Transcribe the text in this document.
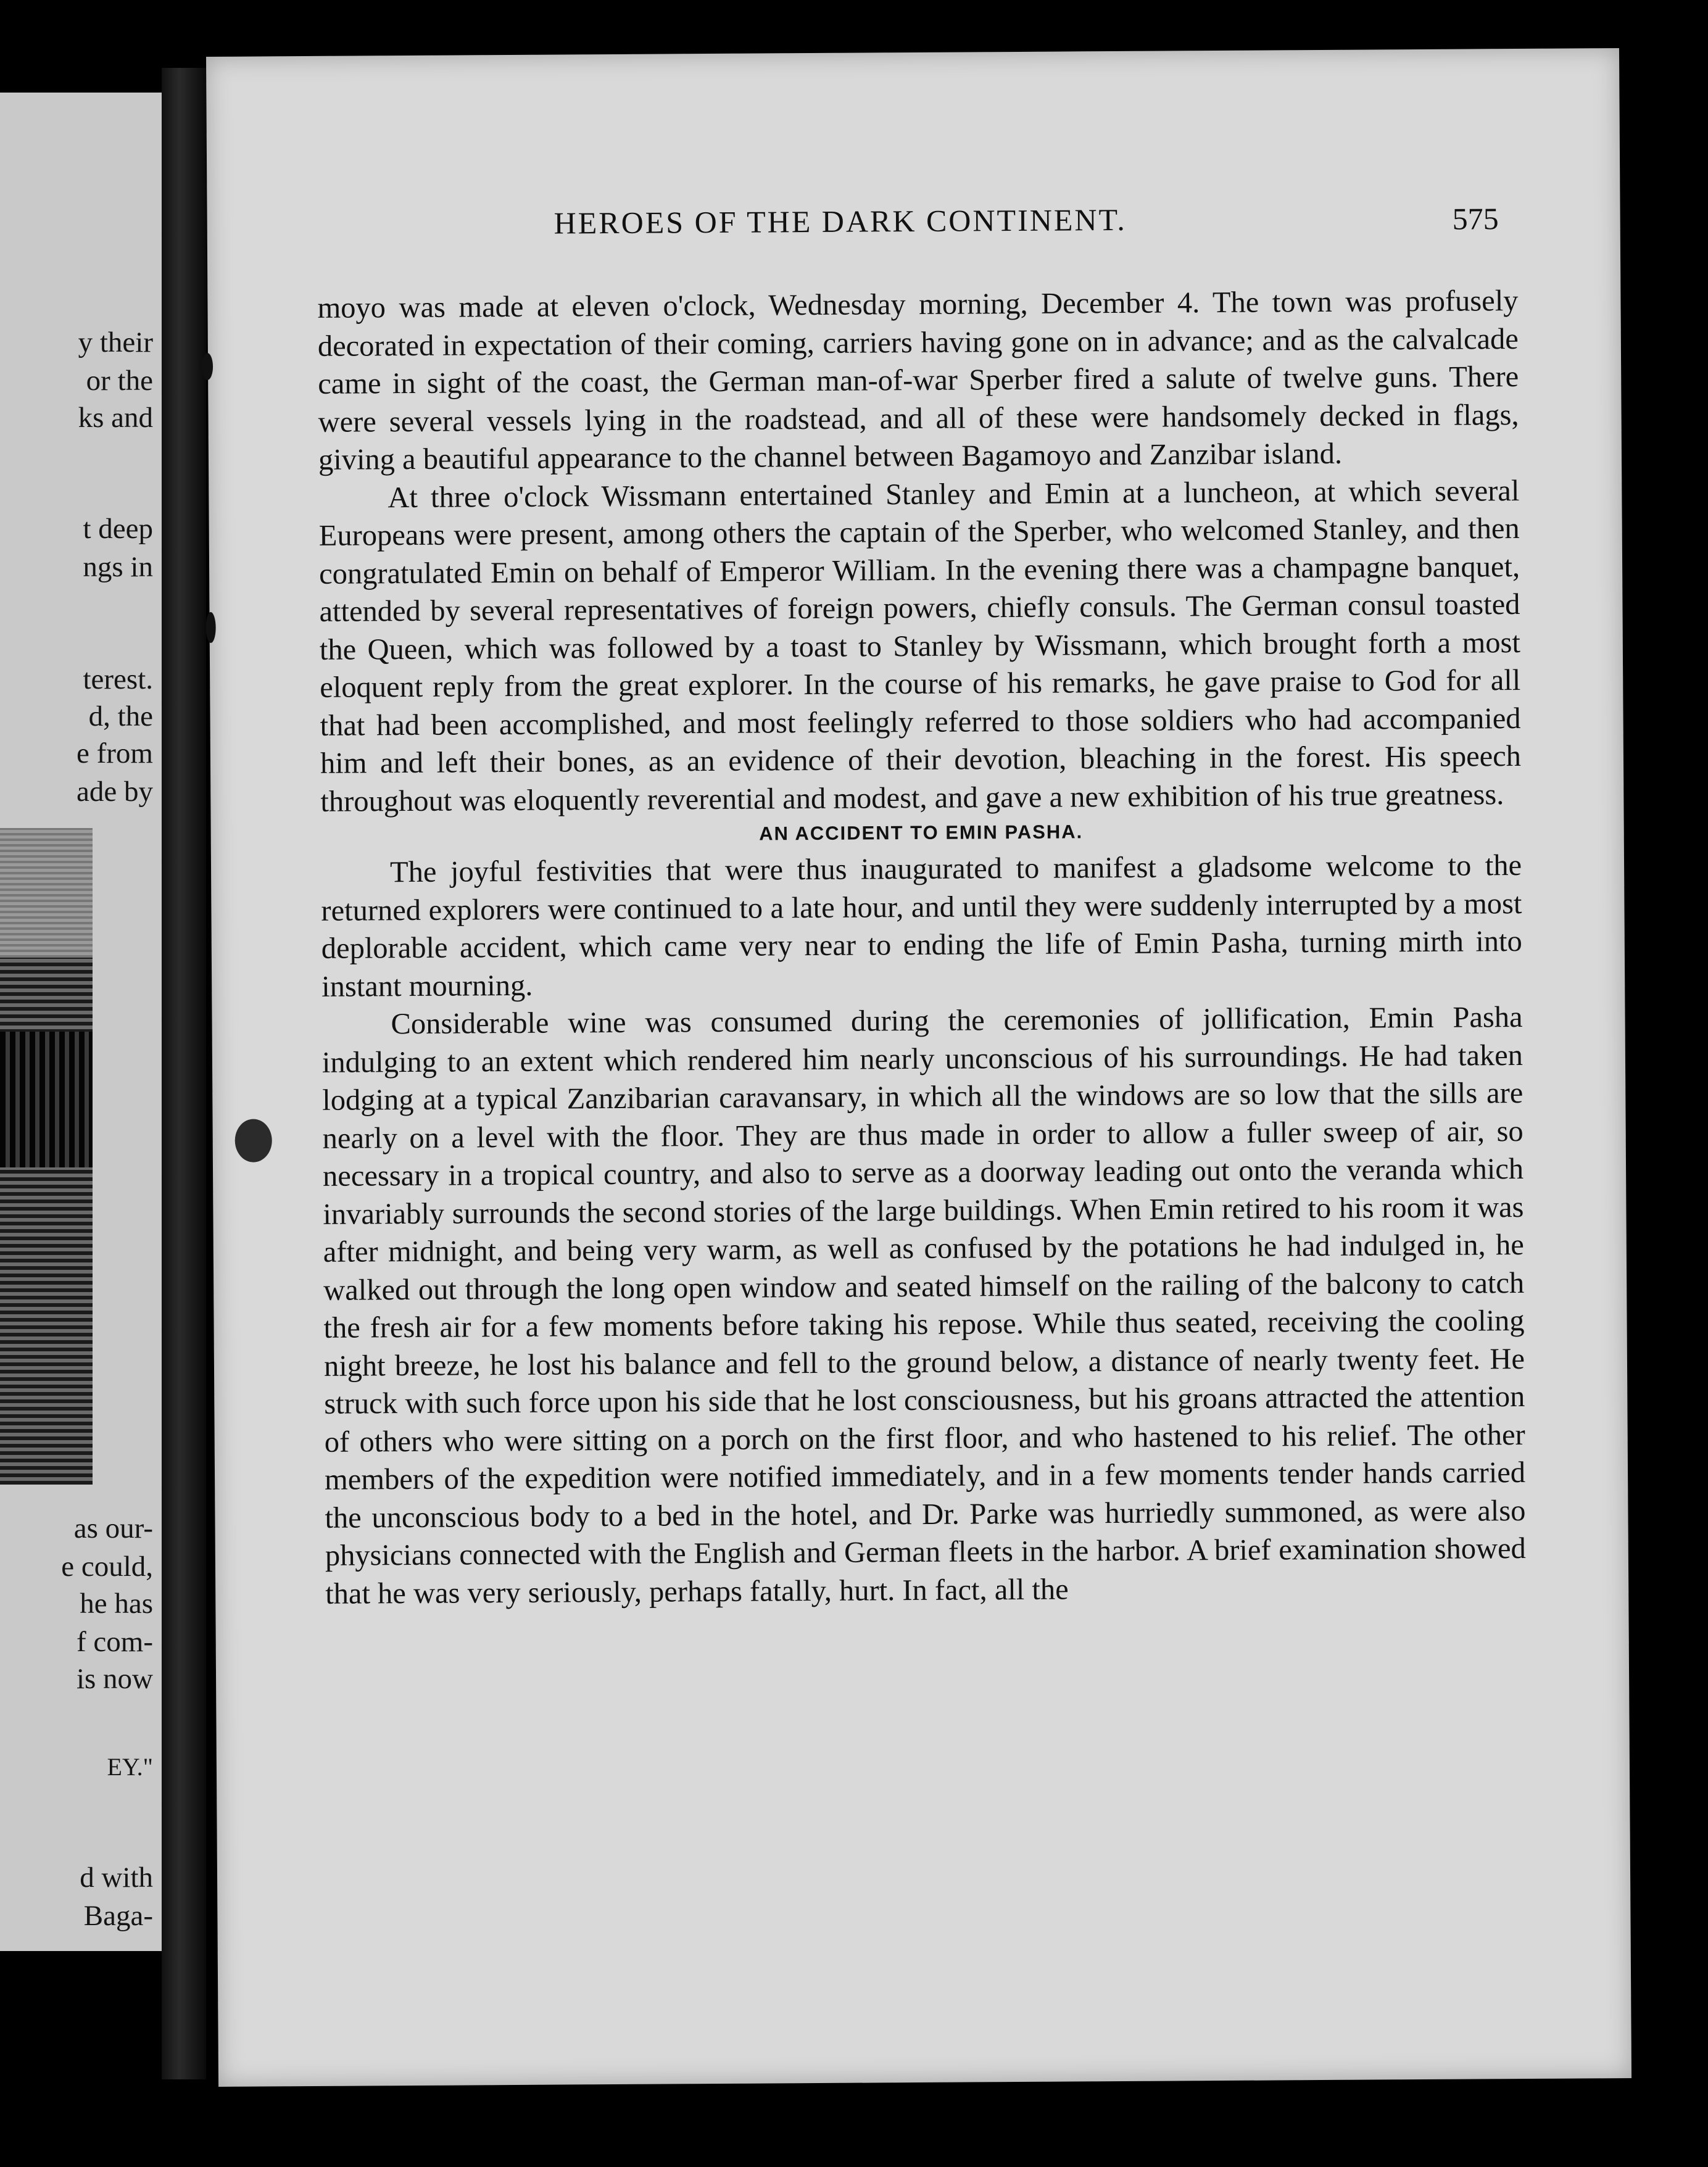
y their
or the
ks and
t deep
ngs in
terest.
d, the
e from
ade by
as our-
e could,
he has
f com-
is now
EY."
d with
Baga-
HEROES OF THE DARK CONTINENT.	575

moyo was made at eleven o'clock, Wednesday morning, December 4. The town was profusely decorated in expectation of their coming, carriers having gone on in advance; and as the calvalcade came in sight of the coast, the German man-of-war Sperber fired a salute of twelve guns. There were several vessels lying in the roadstead, and all of these were handsomely decked in flags, giving a beautiful appearance to the channel between Bagamoyo and Zanzibar island.

At three o'clock Wissmann entertained Stanley and Emin at a luncheon, at which several Europeans were present, among others the captain of the Sperber, who welcomed Stanley, and then congratulated Emin on behalf of Emperor William. In the evening there was a champagne banquet, attended by several representatives of foreign powers, chiefly consuls. The German consul toasted the Queen, which was followed by a toast to Stanley by Wissmann, which brought forth a most eloquent reply from the great explorer. In the course of his remarks, he gave praise to God for all that had been accomplished, and most feelingly referred to those soldiers who had accompanied him and left their bones, as an evidence of their devotion, bleaching in the forest. His speech throughout was eloquently reverential and modest, and gave a new exhibition of his true greatness.

AN ACCIDENT TO EMIN PASHA.

The joyful festivities that were thus inaugurated to manifest a gladsome welcome to the returned explorers were continued to a late hour, and until they were suddenly interrupted by a most deplorable accident, which came very near to ending the life of Emin Pasha, turning mirth into instant mourning.

Considerable wine was consumed during the ceremonies of jollification, Emin Pasha indulging to an extent which rendered him nearly unconscious of his surroundings. He had taken lodging at a typical Zanzibarian caravansary, in which all the windows are so low that the sills are nearly on a level with the floor. They are thus made in order to allow a fuller sweep of air, so necessary in a tropical country, and also to serve as a doorway leading out onto the veranda which invariably surrounds the second stories of the large buildings. When Emin retired to his room it was after midnight, and being very warm, as well as confused by the potations he had indulged in, he walked out through the long open window and seated himself on the railing of the balcony to catch the fresh air for a few moments before taking his repose. While thus seated, receiving the cooling night breeze, he lost his balance and fell to the ground below, a distance of nearly twenty feet. He struck with such force upon his side that he lost consciousness, but his groans attracted the attention of others who were sitting on a porch on the first floor, and who hastened to his relief. The other members of the expedition were notified immediately, and in a few moments tender hands carried the unconscious body to a bed in the hotel, and Dr. Parke was hurriedly summoned, as were also physicians connected with the English and German fleets in the harbor. A brief examination showed that he was very seriously, perhaps fatally, hurt. In fact, all the
